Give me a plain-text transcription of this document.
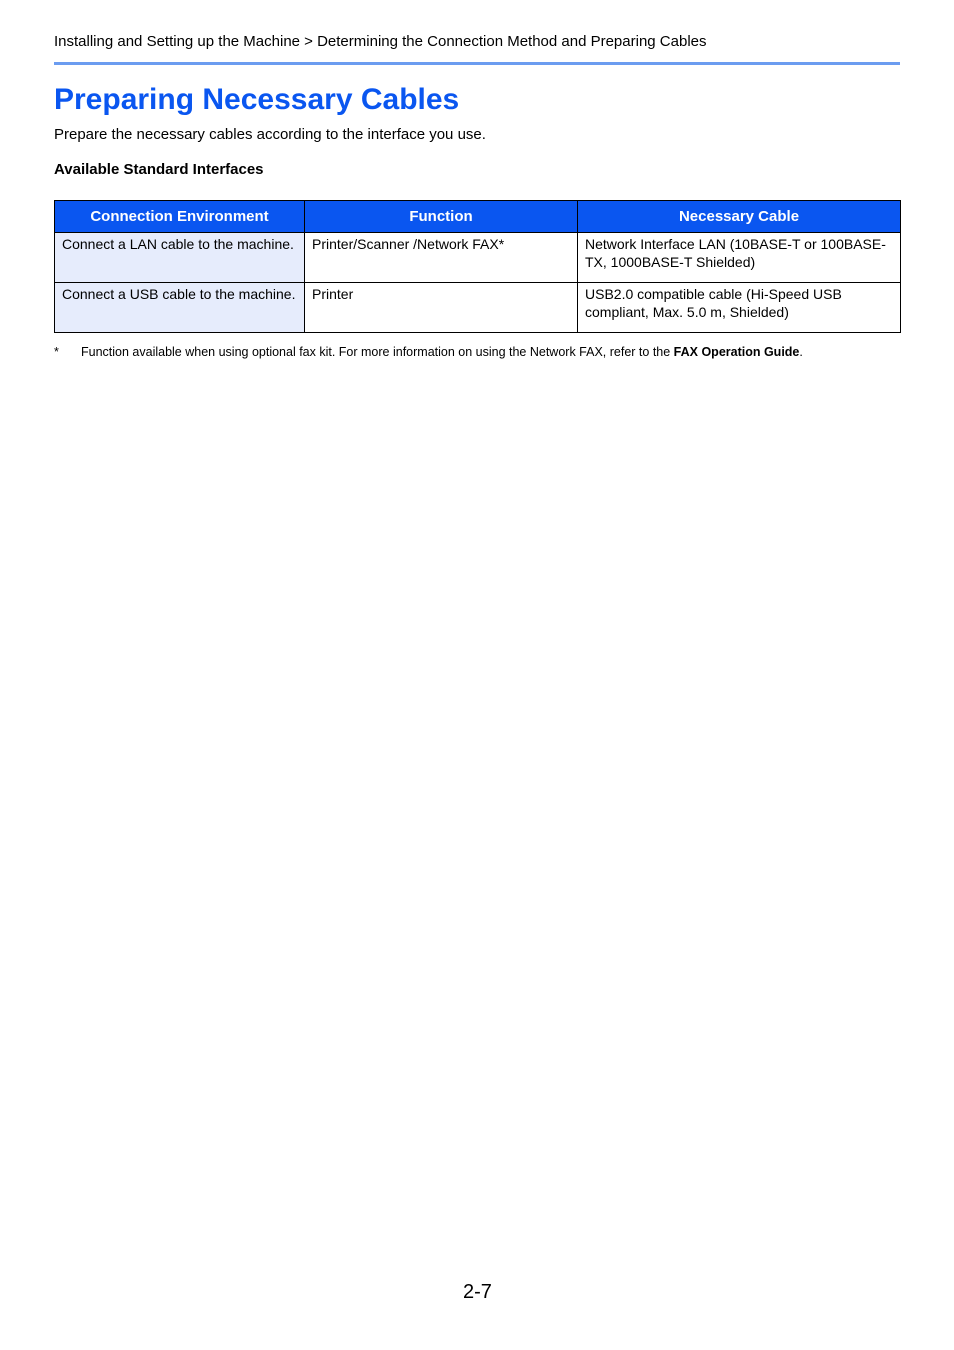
Installing and Setting up the Machine > Determining the Connection Method and Preparing Cables
Preparing Necessary Cables
Prepare the necessary cables according to the interface you use.
Available Standard Interfaces
Connection Environment	Function	Necessary Cable
Connect a LAN cable to the machine.	Printer/Scanner /Network FAX*	Network Interface LAN (10BASE-T or 100BASE-TX, 1000BASE-T Shielded)
Connect a USB cable to the machine.	Printer	USB2.0 compatible cable (Hi-Speed USB compliant, Max. 5.0 m, Shielded)
* Function available when using optional fax kit. For more information on using the Network FAX, refer to the FAX Operation Guide.
2-7
